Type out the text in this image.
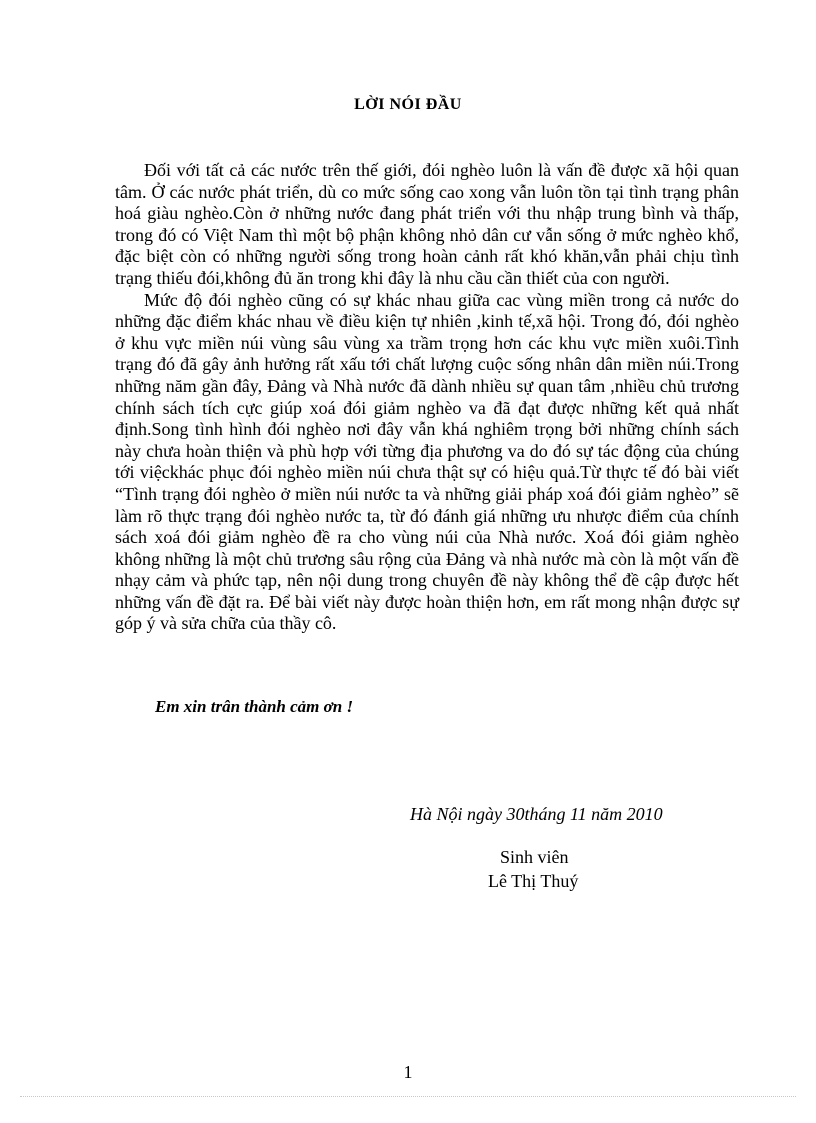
LỜI NÓI ĐẦU

Đối với tất cả các nước trên thế giới, đói nghèo luôn là vấn đề được xã hội quan tâm. Ở các nước phát triển, dù co mức sống cao xong vẫn luôn tồn tại tình trạng phân hoá giàu nghèo.Còn ở những nước đang phát triển với thu nhập trung bình và thấp, trong đó có Việt Nam thì một bộ phận không nhỏ dân cư vẫn sống ở mức nghèo khổ, đặc biệt còn có những người sống trong hoàn cảnh rất khó khăn,vẫn phải chịu tình trạng thiếu đói,không đủ ăn trong khi đây là nhu cầu cần thiết của con người.

Mức độ đói nghèo cũng có sự khác nhau giữa cac vùng miền trong cả nước do những đặc điểm khác nhau về điều kiện tự nhiên ,kinh tế,xã hội. Trong đó, đói nghèo ở khu vực miền núi vùng sâu vùng xa trầm trọng hơn các khu vực miền xuôi.Tình trạng đó đã gây ảnh hưởng rất xấu tới chất lượng cuộc sống nhân dân miền núi.Trong những năm gần đây, Đảng và Nhà nước đã dành nhiều sự quan tâm ,nhiều chủ trương chính sách tích cực giúp xoá đói giảm nghèo va đã đạt được những kết quả nhất định.Song tình hình đói nghèo nơi đây vẫn khá nghiêm trọng bởi những chính sách này chưa hoàn thiện và phù hợp với từng địa phương va do đó sự tác động của chúng tới việckhác phục đói nghèo miền núi chưa thật sự có hiệu quả.Từ thực tế đó bài viết “Tình trạng đói nghèo ở miền núi nước ta và những giải pháp xoá đói giảm nghèo” sẽ làm rõ thực trạng đói nghèo nước ta, từ đó đánh giá những ưu nhược điểm của chính sách xoá đói giảm nghèo đề ra cho vùng núi của Nhà nước. Xoá đói giảm nghèo không những là một chủ trương sâu rộng của Đảng và nhà nước mà còn là một vấn đề nhạy cảm và phức tạp, nên nội dung trong chuyên đề này không thể đề cập được hết những vấn đề đặt ra. Để bài viết này được hoàn thiện hơn, em rất mong nhận được sự góp ý và sửa chữa của thầy cô.

Em xin trân thành cảm ơn !
Hà Nội ngày 30tháng 11 năm 2010
Sinh viên
Lê Thị Thuý
1
